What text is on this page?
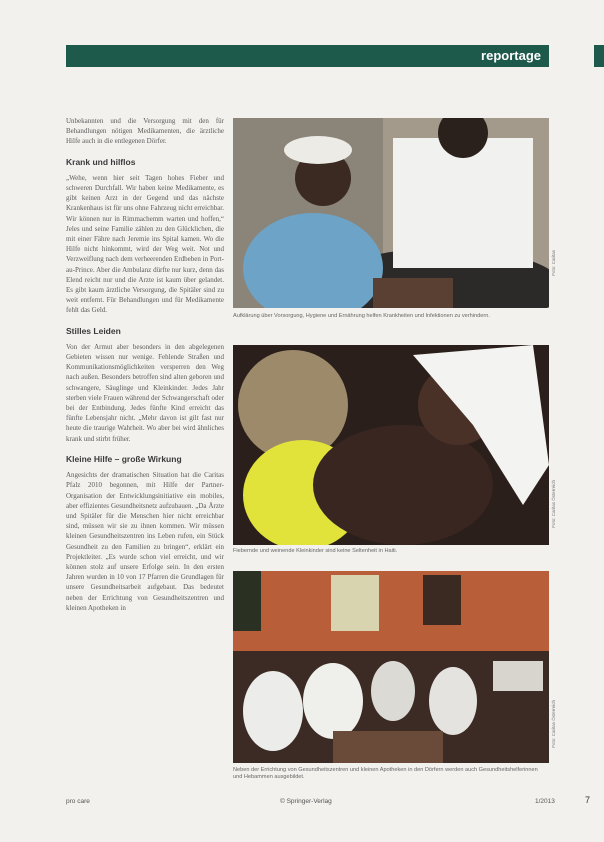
reportage

Unbekannten und die Versorgung mit den für Behandlungen nötigen Medikamenten, die ärztliche Hilfe auch in die entlegenen Dörfer.

Krank und hilflos

„Wehe, wenn hier seit Tagen hohes Fieber und schweren Durchfall. Wir haben keine Medikamente, es gibt keinen Arzt in der Gegend und das nächste Krankenhaus ist für uns ohne Fahrzeug nicht erreichbar. Wir können nur in Rimmachemm warten und hoffen,“ Jeles und seine Familie zählen zu den Glücklichen, die mit einer Fähre nach Jeremie ins Spital kamen. Wo die Hilfe nicht hinkommt, wird der Weg weit. Not und Verzweiflung nach dem verheerenden Erdbeben in Port-au-Prince. Aber die Ambulanz dürfte nur kurz, denn das Elend reicht nur und die Arzte ist kaum über gelandet. Es gibt kaum ärztliche Versorgung, die Spitäler sind zu weit entfernt. Für Behandlungen und für Medikamente fehlt das Geld.

Stilles Leiden

Von der Armut aber besonders in den abgelegenen Gebieten wissen nur wenige. Fehlende Straßen und Kommunikationsmöglichkeiten versperren den Weg nach außen. Besonders betroffen sind alten geboren und schwangere, Säuglinge und Kleinkinder. Jedes Jahr sterben viele Frauen während der Schwangerschaft oder bei der Entbindung. Jedes fünfte Kind erreicht das fünfte Lebensjahr nicht. „Mehr davon ist gilt fast nur heute die traurige Wahrheit. Wo aber bei wird ähnliches krank und stirbt früher.

Kleine Hilfe – große Wirkung

Angesichts der dramatischen Situation hat die Caritas Pfalz 2010 begonnen, mit Hilfe der Partner-Organisation der Entwicklungsinitiative ein mobiles, aber effizientes Gesundheitsnetz aufzubauen. „Da Ärzte und Spitäler für die Menschen hier nicht erreichbar sind, müssen wir sie zu ihnen kommen. Wir müssen kleinen Gesundheitszentren ins Leben rufen, ein Stück Gesundheit zu den Familien zu bringen“, erklärt ein Projektleiter. „Es wurde schon viel erreicht, und wir können stolz auf unsere Erfolge sein. In den ersten Jahren wurden in 10 von 17 Pfarren die Grundlagen für unsere Gesundheitsarbeit aufgebaut. Das bedeutet neben der Errichtung von Gesundheitszentren und kleinen Apotheken in

Foto: Caritas
Aufklärung über Vorsorgung, Hygiene und Ernährung helfen Krankheiten und Infektionen zu verhindern.
Foto: Caritas Österreich
Fiebernde und weinende Kleinkinder sind keine Seltenheit in Haiti.
Foto: Caritas Österreich
Neben der Errichtung von Gesundheitszentren und kleinen Apotheken in den Dörfern werden auch Gesundheitshelferinnen und Hebammen ausgebildet.
pro care	© Springer-Verlag	1/2013	7
